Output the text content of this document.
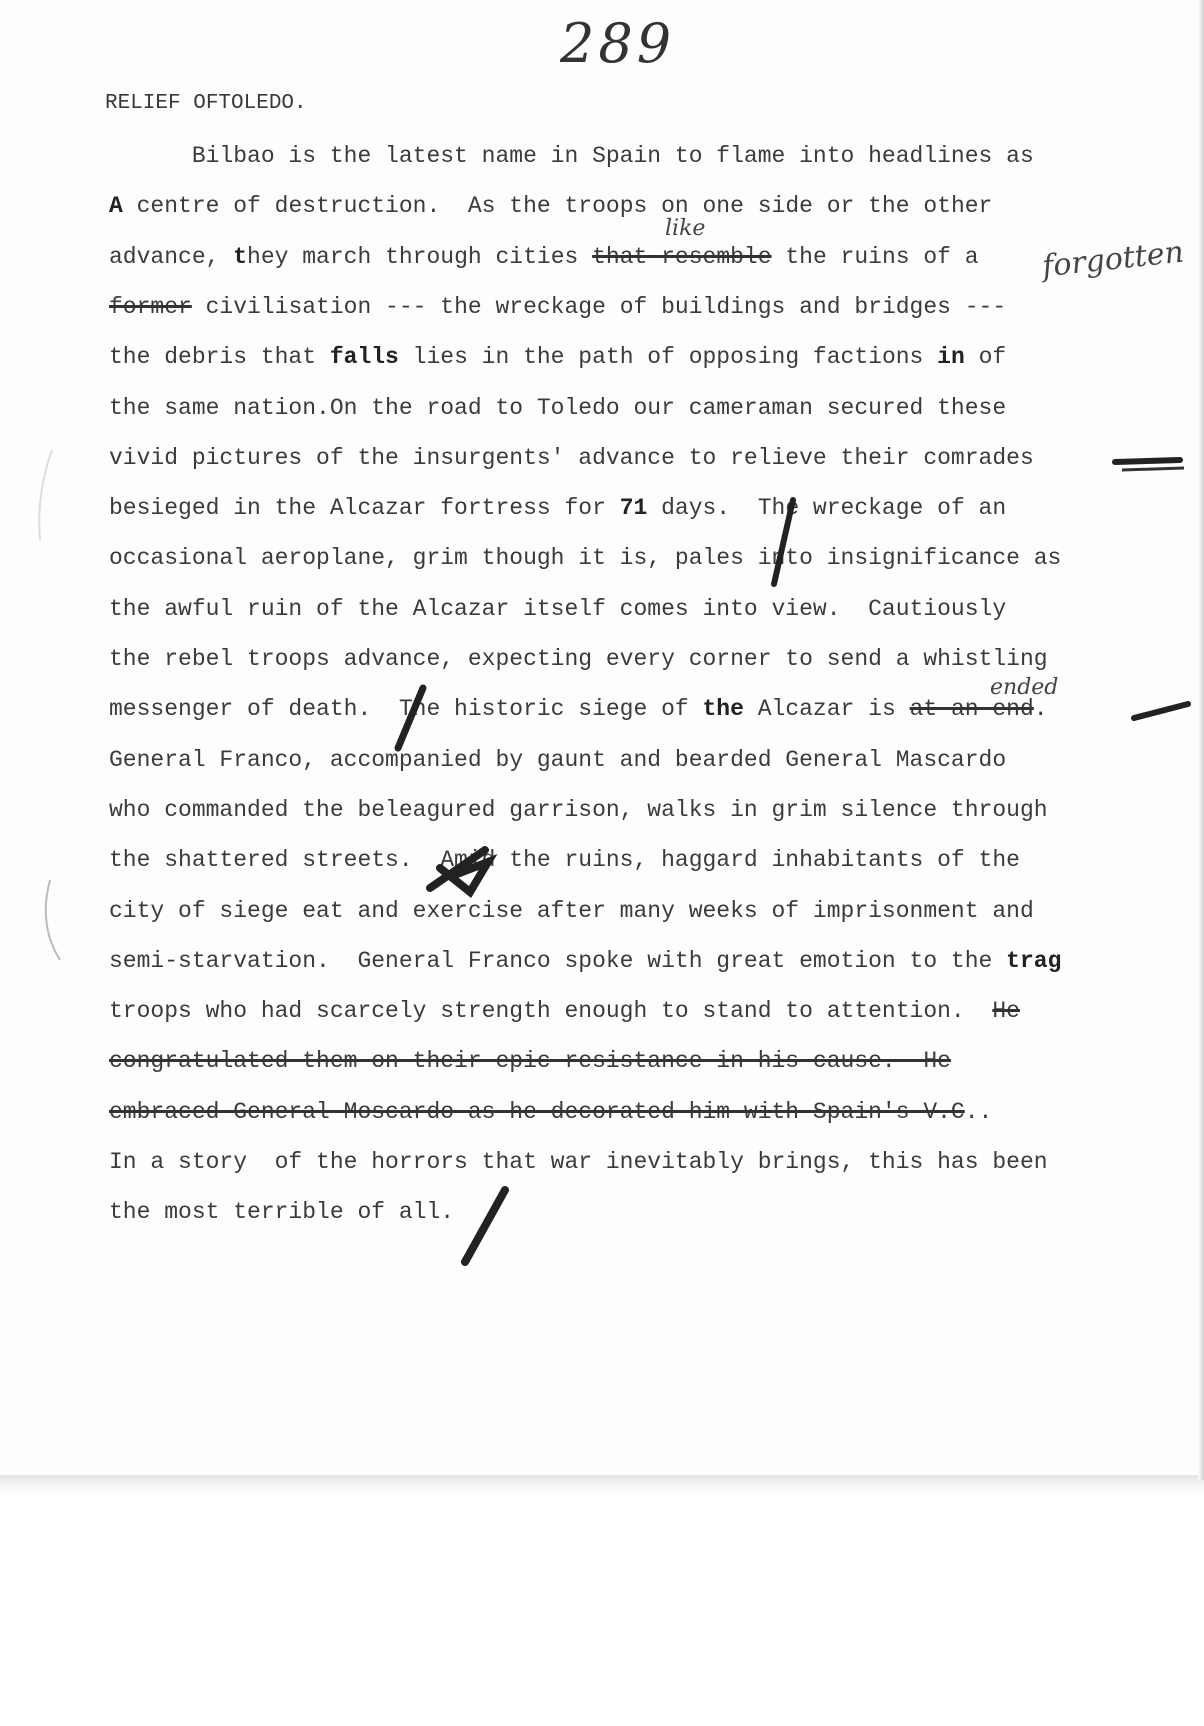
289
RELIEF OFTOLEDO.
Bilbao is the latest name in Spain to flame into headlines as
A centre of destruction.  As the troops on one side or the other
advance, they march through cities that resemble the ruins of a
former civilisation --- the wreckage of buildings and bridges ---
the debris that falls lies in the path of opposing factions in of
the same nation.On the road to Toledo our cameraman secured these
vivid pictures of the insurgents' advance to relieve their comrades
besieged in the Alcazar fortress for 71 days.  The wreckage of an
occasional aeroplane, grim though it is, pales into insignificance as
the awful ruin of the Alcazar itself comes into view.  Cautiously
the rebel troops advance, expecting every corner to send a whistling
messenger of death.  The historic siege of the Alcazar is at an end.
General Franco, accompanied by gaunt and bearded General Mascardo
who commanded the beleagured garrison, walks in grim silence through
the shattered streets.  Amid the ruins, haggard inhabitants of the
city of siege eat and exercise after many weeks of imprisonment and
semi-starvation.  General Franco spoke with great emotion to the trag
troops who had scarcely strength enough to stand to attention.  He
congratulated them on their epic resistance in his cause.  He
embraced General Moscardo as he decorated him with Spain's V.C..
In a story  of the horrors that war inevitably brings, this has been
the most terrible of all.
like
forgotten
ended
